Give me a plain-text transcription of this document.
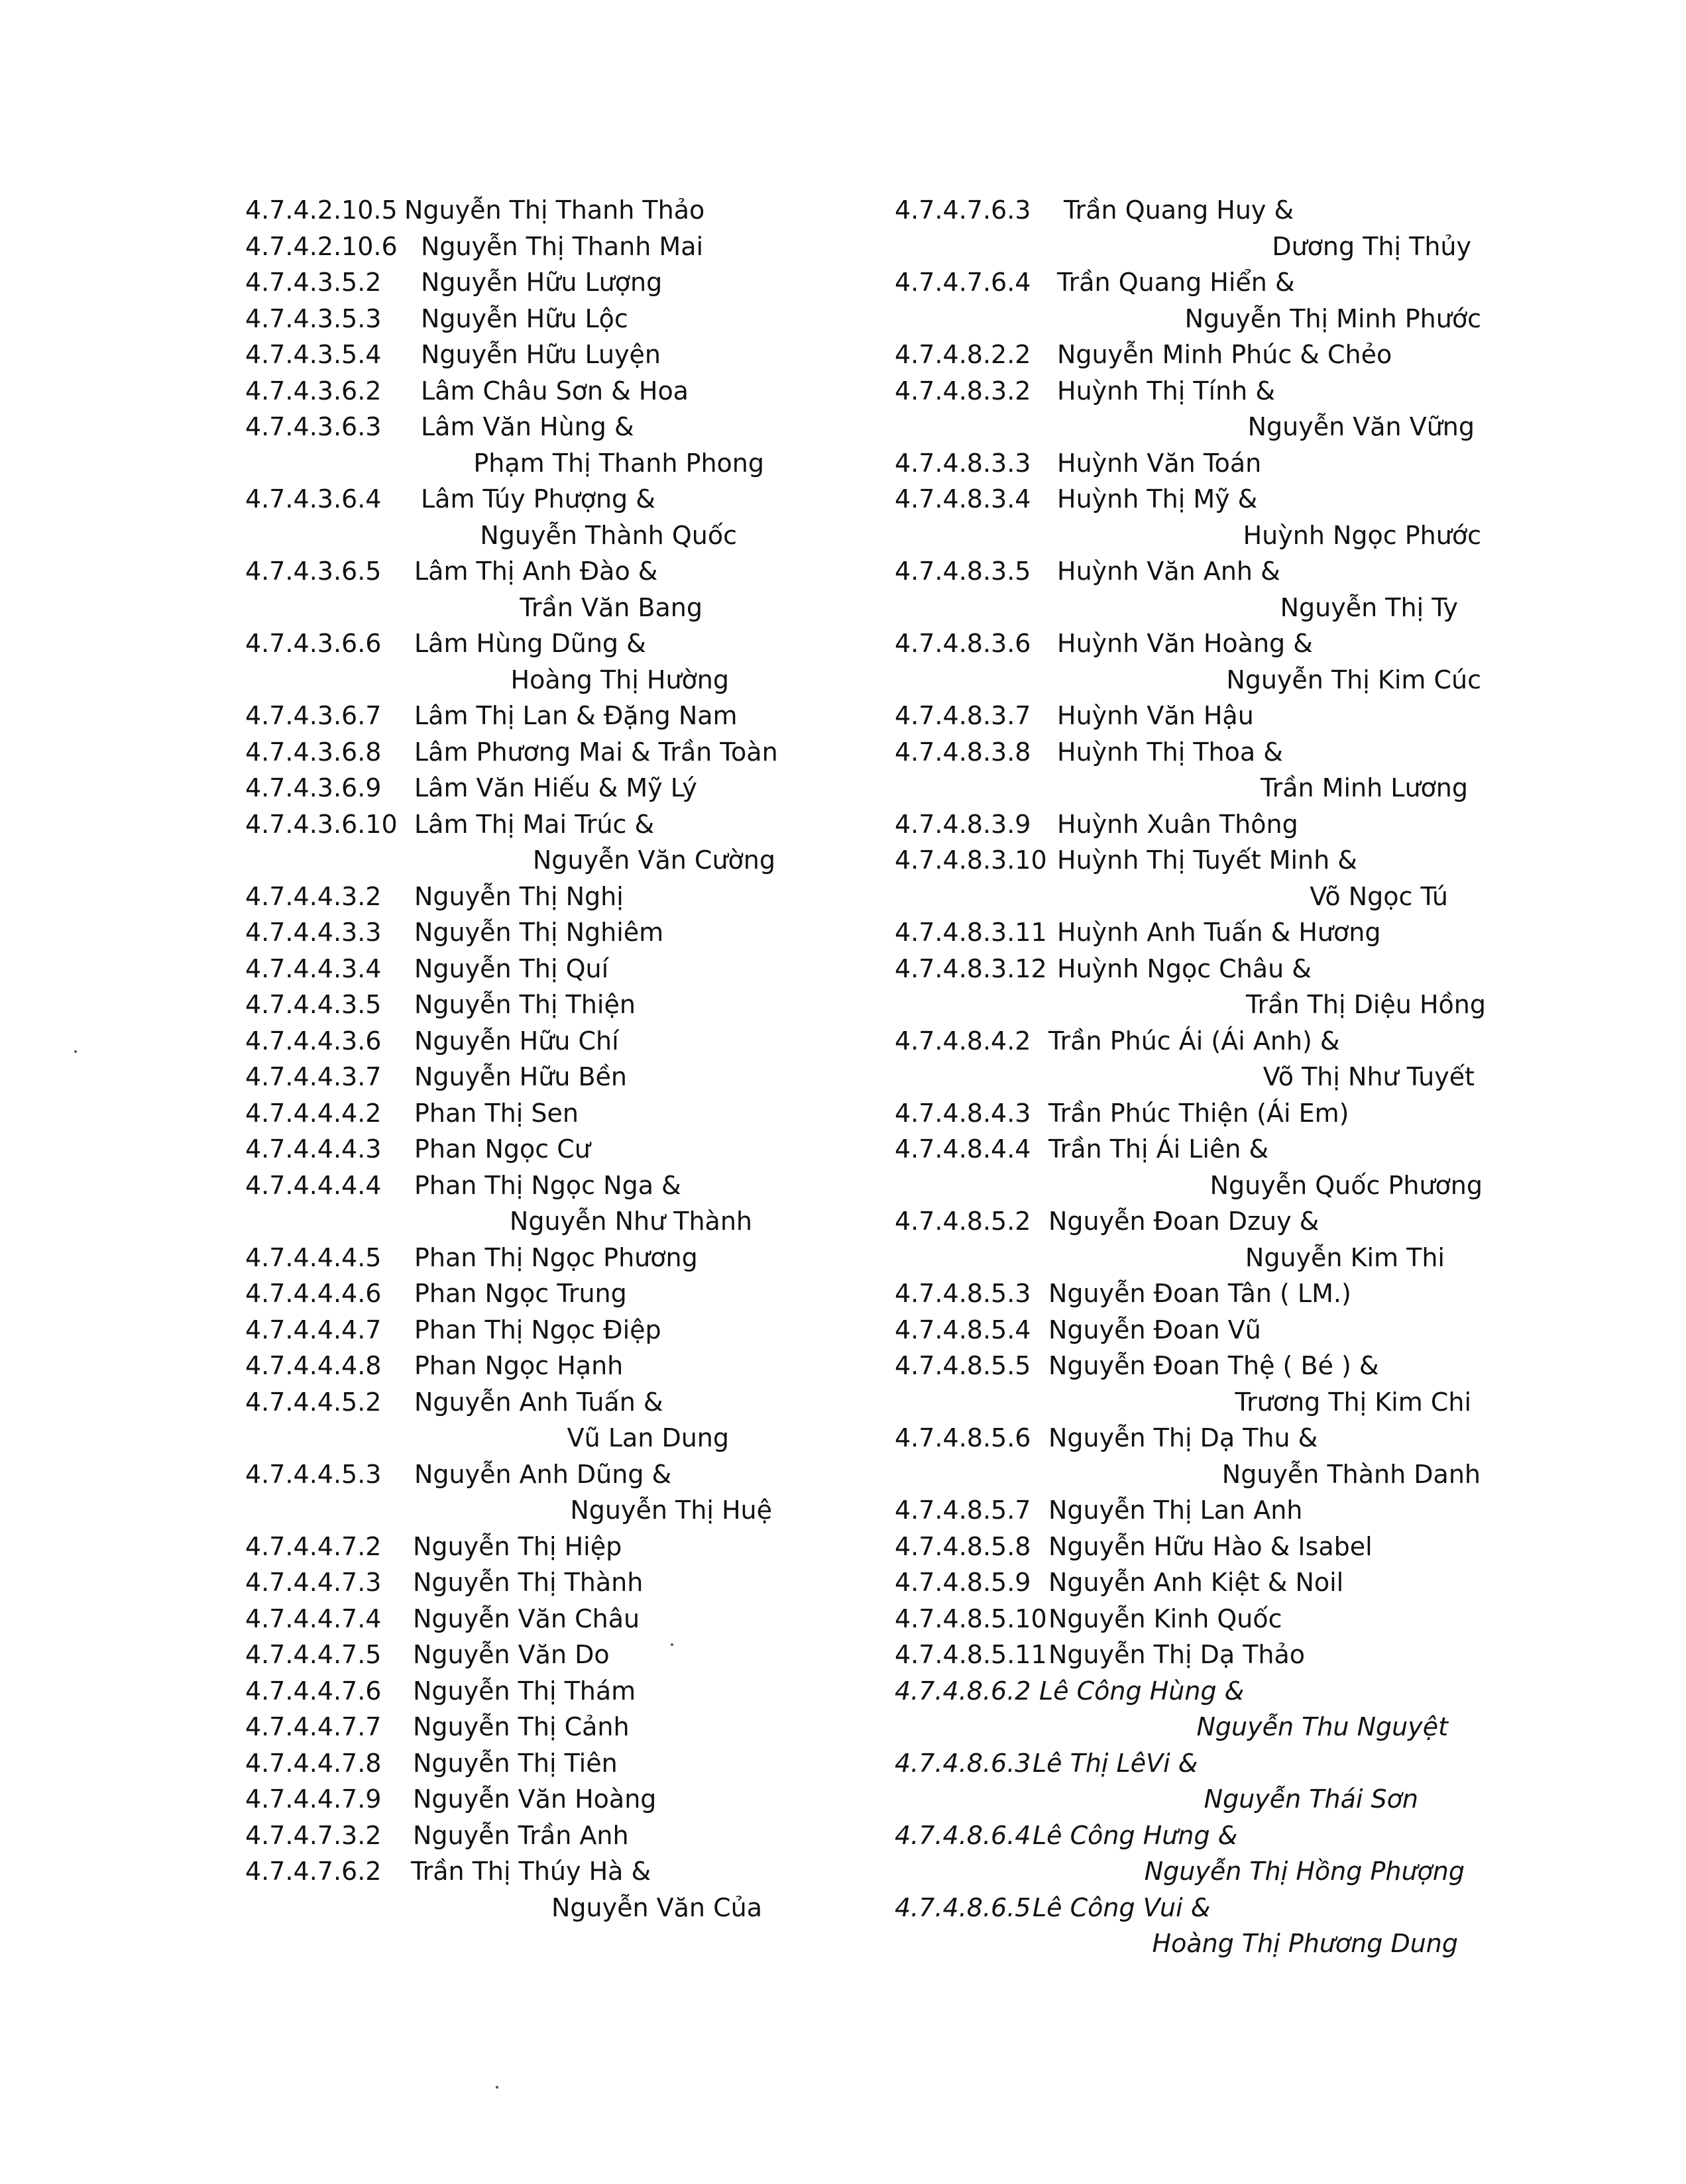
4.7.4.2.10.5 Nguyễn Thị Thanh Thảo
4.7.4.2.10.6 Nguyễn Thị Thanh Mai
4.7.4.3.5.2 Nguyễn Hữu Lượng
4.7.4.3.5.3 Nguyễn Hữu Lộc
4.7.4.3.5.4 Nguyễn Hữu Luyện
4.7.4.3.6.2 Lâm Châu Sơn & Hoa
4.7.4.3.6.3 Lâm Văn Hùng &
Phạm Thị Thanh Phong
4.7.4.3.6.4 Lâm Túy Phượng &
Nguyễn Thành Quốc
4.7.4.3.6.5 Lâm Thị Anh Đào &
Trần Văn Bang
4.7.4.3.6.6 Lâm Hùng Dũng &
Hoàng Thị Hường
4.7.4.3.6.7 Lâm Thị Lan & Đặng Nam
4.7.4.3.6.8 Lâm Phương Mai & Trần Toàn
4.7.4.3.6.9 Lâm Văn Hiếu & Mỹ Lý
4.7.4.3.6.10 Lâm Thị Mai Trúc &
Nguyễn Văn Cường
4.7.4.4.3.2 Nguyễn Thị Nghị
4.7.4.4.3.3 Nguyễn Thị Nghiêm
4.7.4.4.3.4 Nguyễn Thị Quí
4.7.4.4.3.5 Nguyễn Thị Thiện
4.7.4.4.3.6 Nguyễn Hữu Chí
4.7.4.4.3.7 Nguyễn Hữu Bền
4.7.4.4.4.2 Phan Thị Sen
4.7.4.4.4.3 Phan Ngọc Cư
4.7.4.4.4.4 Phan Thị Ngọc Nga &
Nguyễn Như Thành
4.7.4.4.4.5 Phan Thị Ngọc Phương
4.7.4.4.4.6 Phan Ngọc Trung
4.7.4.4.4.7 Phan Thị Ngọc Điệp
4.7.4.4.4.8 Phan Ngọc Hạnh
4.7.4.4.5.2 Nguyễn Anh Tuấn &
Vũ Lan Dung
4.7.4.4.5.3 Nguyễn Anh Dũng &
Nguyễn Thị Huệ
4.7.4.4.7.2 Nguyễn Thị Hiệp
4.7.4.4.7.3 Nguyễn Thị Thành
4.7.4.4.7.4 Nguyễn Văn Châu
4.7.4.4.7.5 Nguyễn Văn Do
4.7.4.4.7.6 Nguyễn Thị Thám
4.7.4.4.7.7 Nguyễn Thị Cảnh
4.7.4.4.7.8 Nguyễn Thị Tiên
4.7.4.4.7.9 Nguyễn Văn Hoàng
4.7.4.7.3.2 Nguyễn Trần Anh
4.7.4.7.6.2 Trần Thị Thúy Hà &
Nguyễn Văn Của
4.7.4.7.6.3 Trần Quang Huy &
Dương Thị Thủy
4.7.4.7.6.4 Trần Quang Hiển &
Nguyễn Thị Minh Phước
4.7.4.8.2.2 Nguyễn Minh Phúc & Chẻo
4.7.4.8.3.2 Huỳnh Thị Tính &
Nguyễn Văn Vững
4.7.4.8.3.3 Huỳnh Văn Toán
4.7.4.8.3.4 Huỳnh Thị Mỹ &
Huỳnh Ngọc Phước
4.7.4.8.3.5 Huỳnh Văn Anh &
Nguyễn Thị Ty
4.7.4.8.3.6 Huỳnh Văn Hoàng &
Nguyễn Thị Kim Cúc
4.7.4.8.3.7 Huỳnh Văn Hậu
4.7.4.8.3.8 Huỳnh Thị Thoa &
Trần Minh Lương
4.7.4.8.3.9 Huỳnh Xuân Thông
4.7.4.8.3.10 Huỳnh Thị Tuyết Minh &
Võ Ngọc Tú
4.7.4.8.3.11 Huỳnh Anh Tuấn & Hương
4.7.4.8.3.12 Huỳnh Ngọc Châu &
Trần Thị Diệu Hồng
4.7.4.8.4.2 Trần Phúc Ái (Ái Anh) &
Võ Thị Như Tuyết
4.7.4.8.4.3 Trần Phúc Thiện (Ái Em)
4.7.4.8.4.4 Trần Thị Ái Liên &
Nguyễn Quốc Phương
4.7.4.8.5.2 Nguyễn Đoan Dzuy &
Nguyễn Kim Thi
4.7.4.8.5.3 Nguyễn Đoan Tân ( LM.)
4.7.4.8.5.4 Nguyễn Đoan Vũ
4.7.4.8.5.5 Nguyễn Đoan Thệ ( Bé ) &
Trương Thị Kim Chi
4.7.4.8.5.6 Nguyễn Thị Dạ Thu &
Nguyễn Thành Danh
4.7.4.8.5.7 Nguyễn Thị Lan Anh
4.7.4.8.5.8 Nguyễn Hữu Hào & Isabel
4.7.4.8.5.9 Nguyễn Anh Kiệt & Noil
4.7.4.8.5.10Nguyễn Kinh Quốc
4.7.4.8.5.11Nguyễn Thị Dạ Thảo
4.7.4.8.6.2 Lê Công Hùng &
Nguyễn Thu Nguyệt
4.7.4.8.6.3Lê Thị LêVi &
Nguyễn Thái Sơn
4.7.4.8.6.4Lê Công Hưng &
Nguyễn Thị Hồng Phượng
4.7.4.8.6.5Lê Công Vui &
Hoàng Thị Phương Dung
